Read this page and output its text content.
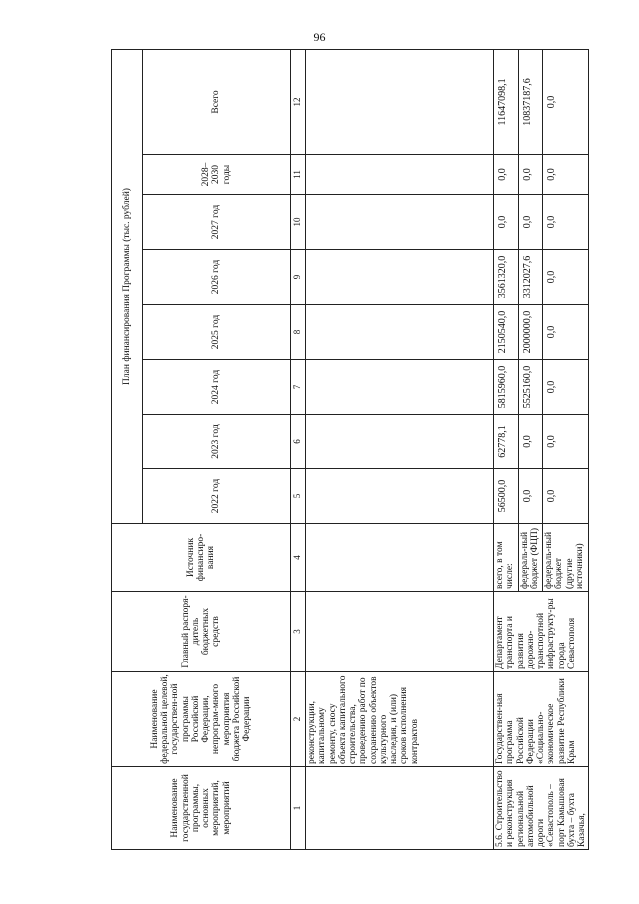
96
Наименование государственной программы, основных мероприятий, мероприятий	Наименование федеральной целевой, государствен-ной программы Российской Федерации, непрограм-много мероприятия бюджета Российской Федерации	Главный распоря-дитель бюджетных средств	Источник финансиро-вания	План финансирования Программы (тыс. рублей)							
				2022 год	2023 год	2024 год	2025 год	2026 год	2027 год	2028–2030 годы	Всего
1	2	3	4	5	6	7	8	9	10	11	12
	реконструкции, капитальному ремонту, сносу объекта капитального строительства, проведению работ по сохранению объектов культурного наследия, и (или) сроков исполнения контрактов										
5.6. Строительство и реконструкция региональной автомобильной дороги «Севастополь – порт Камышовая бухта – бухта Казачья,	Государствен-ная программа Российской Федерации «Социально-экономическое развитие Республики Крым	Департамент транспорта и развития дорожно-транспортной инфраструкту-ры города Севастополя	всего, в том числе:	56500,0	62778,1	5815960,0	2150540,0	3561320,0	0,0	0,0	11647098,1
			федераль-ный бюджет (ФЦП)	0,0	0,0	5525160,0	2000000,0	3312027,6	0,0	0,0	10837187,6
			федераль-ный бюджет (другие источники)	0,0	0,0	0,0	0,0	0,0	0,0	0,0	0,0
